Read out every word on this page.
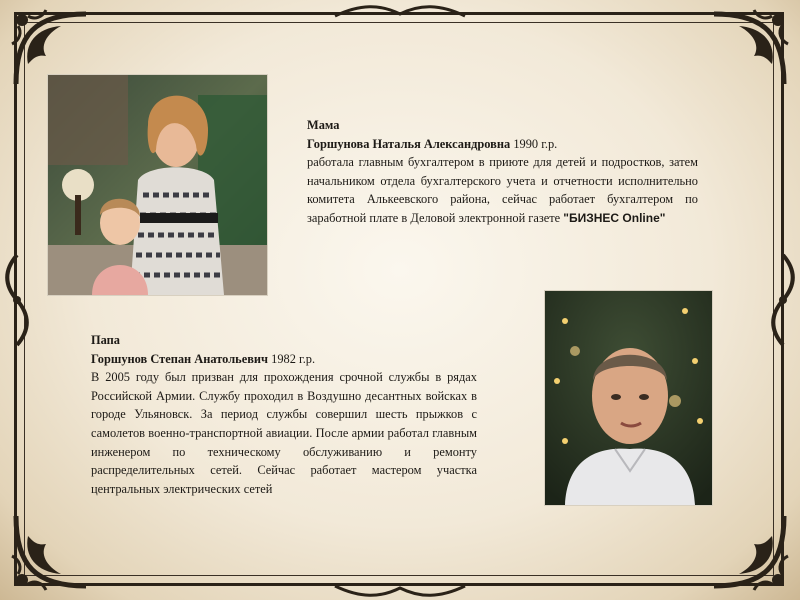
Мама
Горшунова Наталья Александровна 1990 г.р.
работала главным бухгалтером в приюте для детей и подростков, затем начальником отдела бухгалтерского учета и отчетности исполнительно комитета Алькеевского района, сейчас работает бухгалтером по заработной плате в Деловой электронной газете "БИЗНЕС Online"
Папа
Горшунов Степан Анатольевич 1982 г.р.
В 2005 году был призван для прохождения срочной службы в рядах Российской Армии. Службу проходил в Воздушно десантных войсках в городе Ульяновск. За период службы совершил шесть прыжков с самолетов военно-транспортной авиации. После армии работал главным инженером по техническому обслуживанию и ремонту распределительных сетей. Сейчас работает мастером участка центральных электрических сетей
